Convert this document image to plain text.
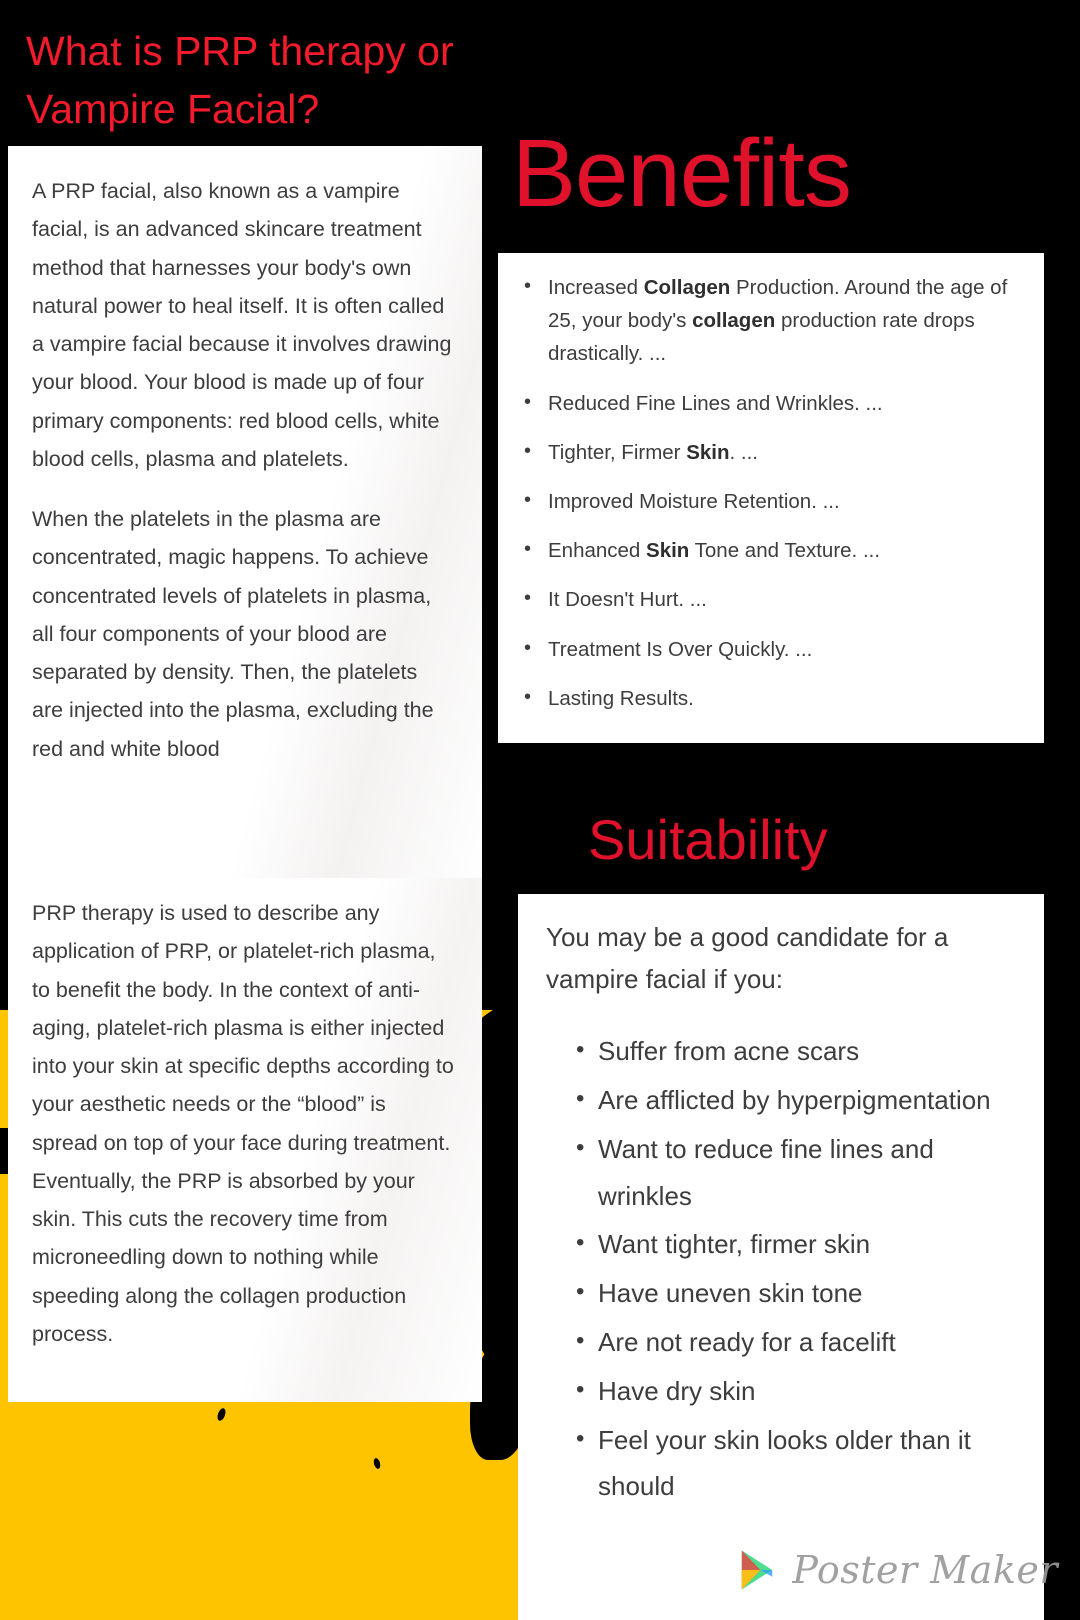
What is PRP therapy or Vampire Facial?
Benefits
Suitability

A PRP facial, also known as a vampire facial, is an advanced skincare treatment method that harnesses your body's own natural power to heal itself. It is often called a vampire facial because it involves drawing your blood. Your blood is made up of four primary components: red blood cells, white blood cells, plasma and platelets.

When the platelets in the plasma are concentrated, magic happens. To achieve concentrated levels of platelets in plasma, all four components of your blood are separated by density. Then, the platelets are injected into the plasma, excluding the red and white blood

PRP therapy is used to describe any application of PRP, or platelet-rich plasma, to benefit the body. In the context of anti-aging, platelet-rich plasma is either injected into your skin at specific depths according to your aesthetic needs or the “blood” is spread on top of your face during treatment. Eventually, the PRP is absorbed by your skin. This cuts the recovery time from microneedling down to nothing while speeding along the collagen production process.

• Increased Collagen Production. Around the age of 25, your body's collagen production rate drops drastically. ...
• Reduced Fine Lines and Wrinkles. ...
• Tighter, Firmer Skin. ...
• Improved Moisture Retention. ...
• Enhanced Skin Tone and Texture. ...
• It Doesn't Hurt. ...
• Treatment Is Over Quickly. ...
• Lasting Results.

You may be a good candidate for a vampire facial if you:

• Suffer from acne scars
• Are afflicted by hyperpigmentation
• Want to reduce fine lines and wrinkles
• Want tighter, firmer skin
• Have uneven skin tone
• Are not ready for a facelift
• Have dry skin
• Feel your skin looks older than it should
Poster Maker
